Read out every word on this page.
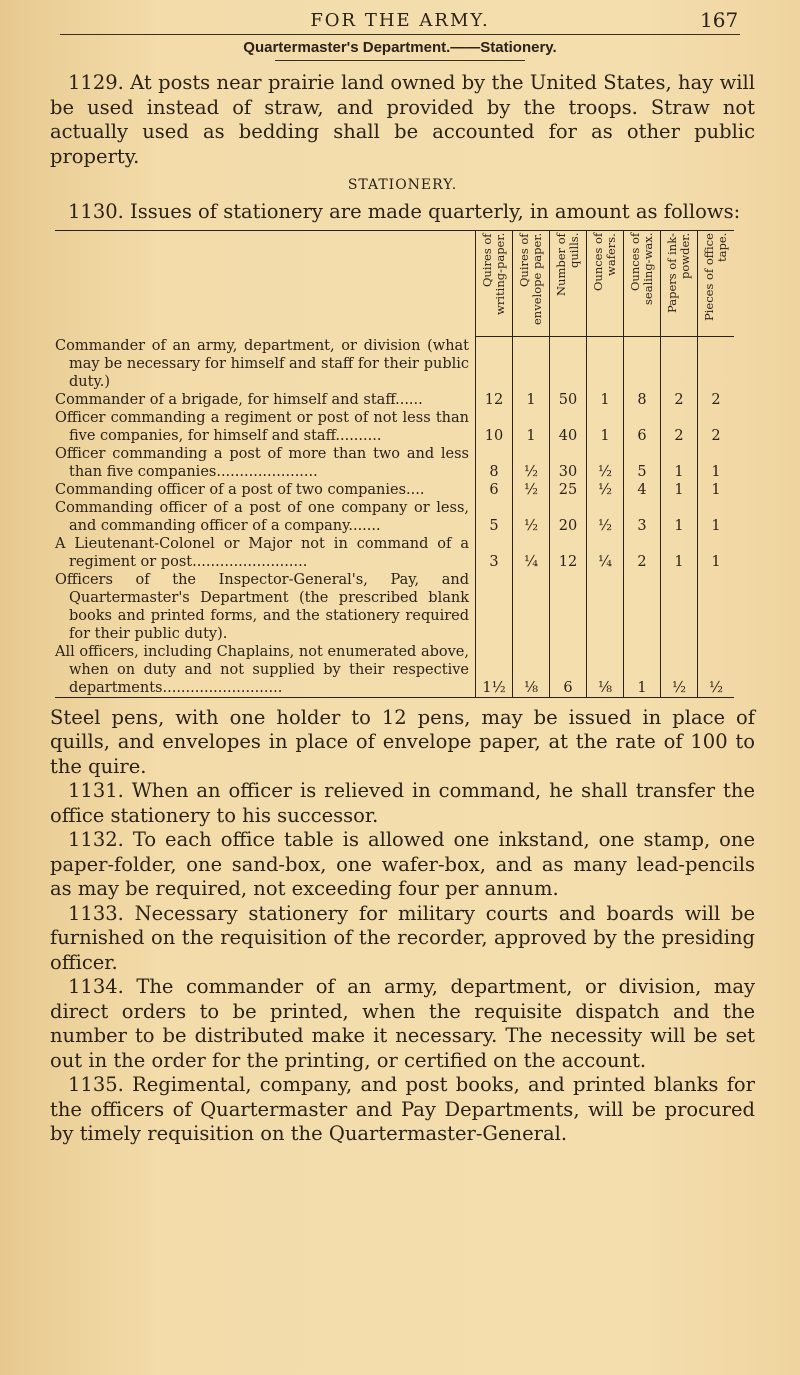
FOR THE ARMY.	167
Quartermaster's Department.——Stationery.

1129. At posts near prairie land owned by the United States, hay will be used instead of straw, and provided by the troops. Straw not actually used as bedding shall be accounted for as other public property.

STATIONERY.

1130. Issues of stationery are made quarterly, in amount as follows:

	Quires of writing-paper.	Quires of envelope paper.	Number of quills.	Ounces of wafers.	Ounces of sealing-wax.	Papers of ink-powder.	Pieces of office tape.
Commander of an army, department, or division (what may be necessary for himself and staff for their public duty.)							
Commander of a brigade, for himself and staff......	12	1	50	1	8	2	2
Officer commanding a regiment or post of not less than five companies, for himself and staff..........	10	1	40	1	6	2	2
Officer commanding a post of more than two and less than five companies......................	8	½	30	½	5	1	1
Commanding officer of a post of two companies....	6	½	25	½	4	1	1
Commanding officer of a post of one company or less, and commanding officer of a company.......	5	½	20	½	3	1	1
A Lieutenant-Colonel or Major not in command of a regiment or post.........................	3	¼	12	¼	2	1	1
Officers of the Inspector-General's, Pay, and Quartermaster's Department (the prescribed blank books and printed forms, and the stationery required for their public duty).							
All officers, including Chaplains, not enumerated above, when on duty and not supplied by their respective departments..........................	1½	⅛	6	⅛	1	½	½

Steel pens, with one holder to 12 pens, may be issued in place of quills, and envelopes in place of envelope paper, at the rate of 100 to the quire.

1131. When an officer is relieved in command, he shall transfer the office stationery to his successor.

1132. To each office table is allowed one inkstand, one stamp, one paper-folder, one sand-box, one wafer-box, and as many lead-pencils as may be required, not exceeding four per annum.

1133. Necessary stationery for military courts and boards will be furnished on the requisition of the recorder, approved by the presiding officer.

1134. The commander of an army, department, or division, may direct orders to be printed, when the requisite dispatch and the number to be distributed make it necessary. The necessity will be set out in the order for the printing, or certified on the account.

1135. Regimental, company, and post books, and printed blanks for the officers of Quartermaster and Pay Departments, will be procured by timely requisition on the Quartermaster-General.
